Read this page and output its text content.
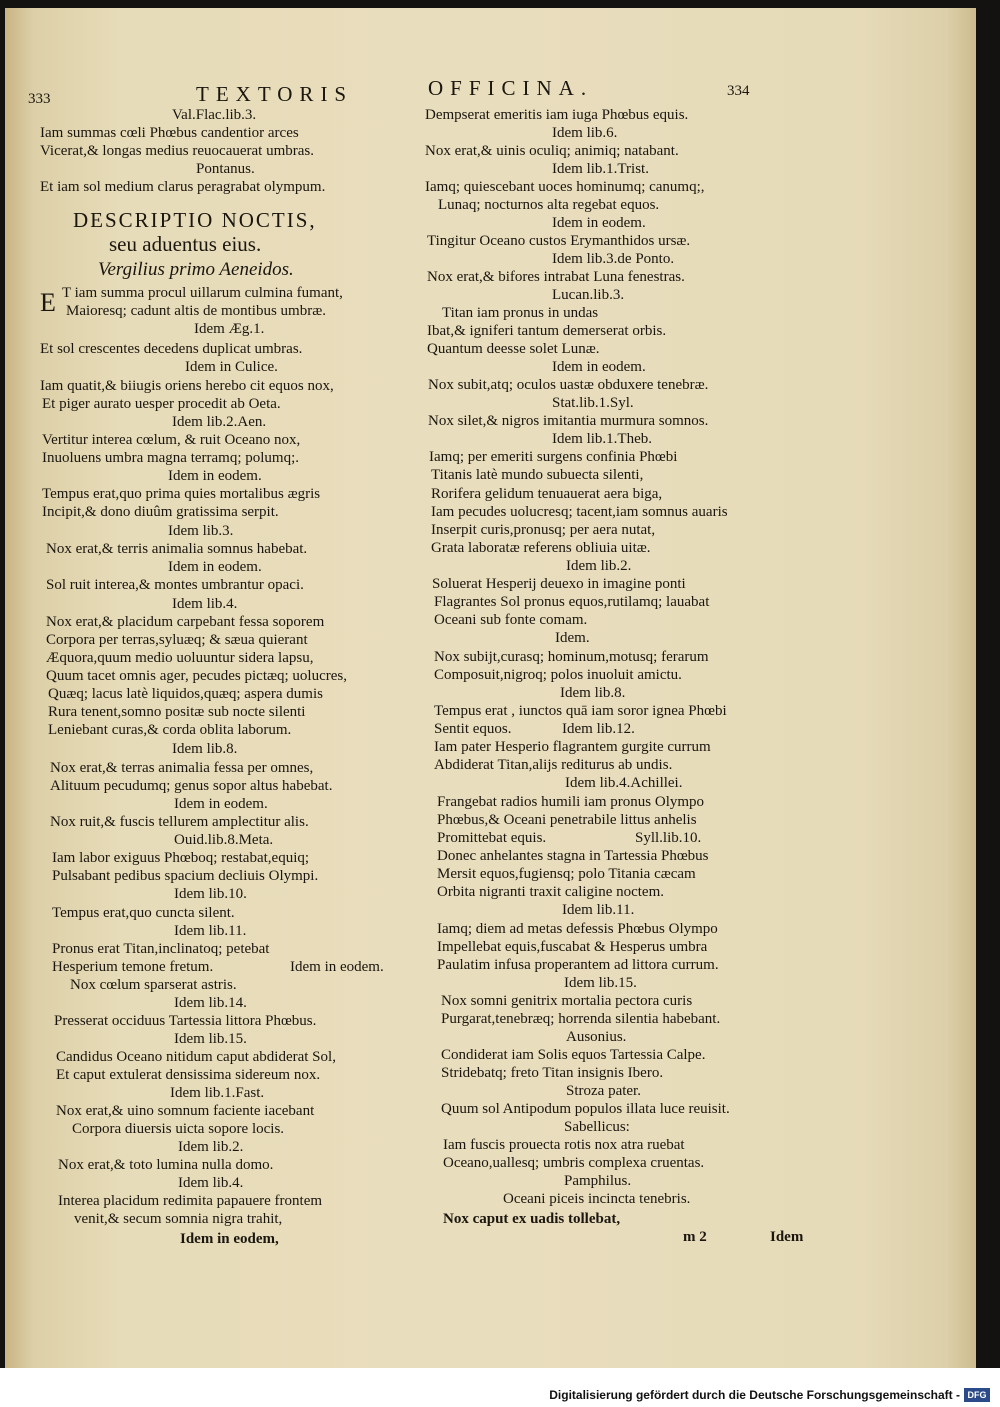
333	TEXTORIS	OFFICINA.	334
Val.Flac.lib.3.
Iam summas cœli Phœbus candentior arces
Vicerat,& longas medius reuocauerat umbras.
Pontanus.
Et iam sol medium clarus peragrabat olympum.
DESCRIPTIO NOCTIS,
seu aduentus eius.
Vergilius primo Aeneidos.
E T iam summa procul uillarum culmina fumant,
Maioresq; cadunt altis de montibus umbræ.
Idem Æg.1.
Et sol crescentes decedens duplicat umbras.
Idem in Culice.
Iam quatit,& biiugis oriens herebo cit equos nox,
Et piger aurato uesper procedit ab Oeta.
Idem lib.2.Aen.
Vertitur interea cœlum, & ruit Oceano nox,
Inuoluens umbra magna terramq; polumq;.
Idem in eodem.
Tempus erat,quo prima quies mortalibus ægris
Incipit,& dono diuûm gratissima serpit.
Idem lib.3.
Nox erat,& terris animalia somnus habebat.
Idem in eodem.
Sol ruit interea,& montes umbrantur opaci.
Idem lib.4.
Nox erat,& placidum carpebant fessa soporem
Corpora per terras,syluæq; & sæua quierant
Æquora,quum medio uoluuntur sidera lapsu,
Quum tacet omnis ager, pecudes pictæq; uolucres,
Quæq; lacus latè liquidos,quæq; aspera dumis
Rura tenent,somno positæ sub nocte silenti
Leniebant curas,& corda oblita laborum.
Idem lib.8.
Nox erat,& terras animalia fessa per omnes,
Alituum pecudumq; genus sopor altus habebat.
Idem in eodem.
Nox ruit,& fuscis tellurem amplectitur alis.
Ouid.lib.8.Meta.
Iam labor exiguus Phœboq; restabat,equiq;
Pulsabant pedibus spacium decliuis Olympi.
Idem lib.10.
Tempus erat,quo cuncta silent.
Idem lib.11.
Pronus erat Titan,inclinatoq; petebat
Hesperium temone fretum.	Idem in eodem.
Nox cœlum sparserat astris.
Idem lib.14.
Presserat occiduus Tartessia littora Phœbus.
Idem lib.15.
Candidus Oceano nitidum caput abdiderat Sol,
Et caput extulerat densissima sidereum nox.
Idem lib.1.Fast.
Nox erat,& uino somnum faciente iacebant
Corpora diuersis uicta sopore locis.
Idem lib.2.
Nox erat,& toto lumina nulla domo.
Idem lib.4.
Interea placidum redimita papauere frontem
venit,& secum somnia nigra trahit,
Idem in eodem,
Dempserat emeritis iam iuga Phœbus equis.
Idem lib.6.
Nox erat,& uinis oculiq; animiq; natabant.
Idem lib.1.Trist.
Iamq; quiescebant uoces hominumq; canumq;,
Lunaq; nocturnos alta regebat equos.
Idem in eodem.
Tingitur Oceano custos Erymanthidos ursæ.
Idem lib.3.de Ponto.
Nox erat,& bifores intrabat Luna fenestras.
Lucan.lib.3.
Titan iam pronus in undas
Ibat,& igniferi tantum demerserat orbis.
Quantum deesse solet Lunæ.
Idem in eodem.
Nox subit,atq; oculos uastæ obduxere tenebræ.
Stat.lib.1.Syl.
Nox silet,& nigros imitantia murmura somnos.
Idem lib.1.Theb.
Iamq; per emeriti surgens confinia Phœbi
Titanis latè mundo subuecta silenti,
Rorifera gelidum tenuauerat aera biga,
Iam pecudes uolucresq; tacent,iam somnus auaris
Inserpit curis,pronusq; per aera nutat,
Grata laboratæ referens obliuia uitæ.
Idem lib.2.
Soluerat Hesperij deuexo in imagine ponti
Flagrantes Sol pronus equos,rutilamq; lauabat
Oceani sub fonte comam.
Idem.
Nox subijt,curasq; hominum,motusq; ferarum
Composuit,nigroq; polos inuoluit amictu.
Idem lib.8.
Tempus erat , iunctos quā iam soror ignea Phœbi
Sentit equos.	Idem lib.12.
Iam pater Hesperio flagrantem gurgite currum
Abdiderat Titan,alijs rediturus ab undis.
Idem lib.4.Achillei.
Frangebat radios humili iam pronus Olympo
Phœbus,& Oceani penetrabile littus anhelis
Promittebat equis.	Syll.lib.10.
Donec anhelantes stagna in Tartessia Phœbus
Mersit equos,fugiensq; polo Titania cæcam
Orbita nigranti traxit caligine noctem.
Idem lib.11.
Iamq; diem ad metas defessis Phœbus Olympo
Impellebat equis,fuscabat & Hesperus umbra
Paulatim infusa properantem ad littora currum.
Idem lib.15.
Nox somni genitrix mortalia pectora curis
Purgarat,tenebræq; horrenda silentia habebant.
Ausonius.
Condiderat iam Solis equos Tartessia Calpe.
Stridebatq; freto Titan insignis Ibero.
Stroza pater.
Quum sol Antipodum populos illata luce reuisit.
Sabellicus:
Iam fuscis prouecta rotis nox atra ruebat
Oceano,uallesq; umbris complexa cruentas.
Pamphilus.
Oceani piceis incincta tenebris.
Nox caput ex uadis tollebat,
m 2	Idem
Digitalisierung gefördert durch die Deutsche Forschungsgemeinschaft - DFG
